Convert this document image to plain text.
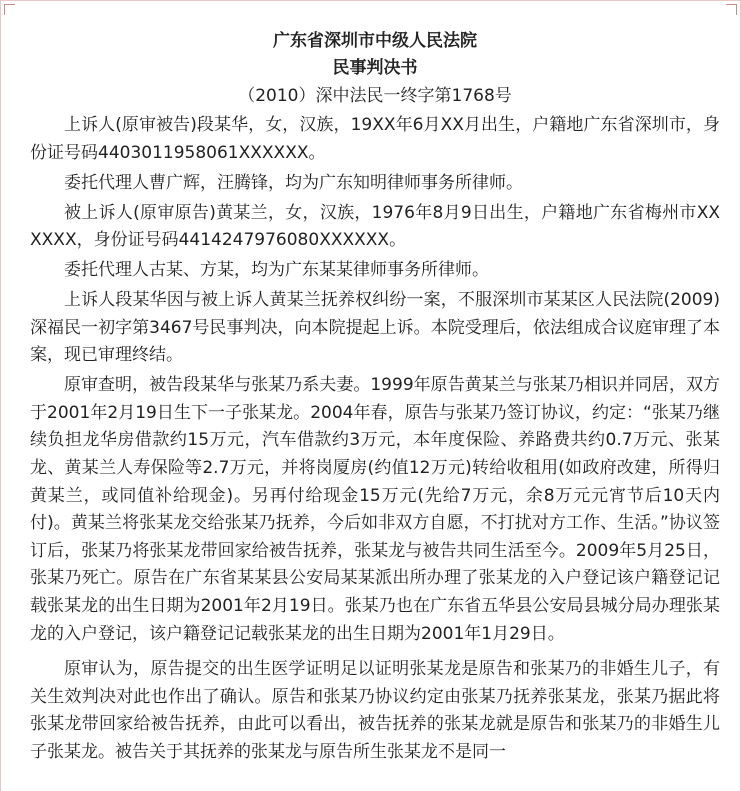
广东省深圳市中级人民法院

民事判决书

（2010）深中法民一终字第1768号

上诉人(原审被告)段某华，女，汉族，19XX年6月XX月出生，户籍地广东省深圳市，身份证号码4403011958061XXXXXX。

委托代理人曹广辉，汪腾锋，均为广东知明律师事务所律师。

被上诉人(原审原告)黄某兰，女，汉族，1976年8月9日出生，户籍地广东省梅州市XXXXXX，身份证号码4414247976080XXXXXX。

委托代理人古某、方某，均为广东某某律师事务所律师。

上诉人段某华因与被上诉人黄某兰抚养权纠纷一案，不服深圳市某某区人民法院(2009)深福民一初字第3467号民事判决，向本院提起上诉。本院受理后，依法组成合议庭审理了本案，现已审理终结。

原审查明，被告段某华与张某乃系夫妻。1999年原告黄某兰与张某乃相识并同居，双方于2001年2月19日生下一子张某龙。2004年春，原告与张某乃签订协议，约定：“张某乃继续负担龙华房借款约15万元，汽车借款约3万元，本年度保险、养路费共约0.7万元、张某龙、黄某兰人寿保险等2.7万元，并将岗厦房(约值12万元)转给收租用(如政府改建，所得归黄某兰，或同值补给现金)。另再付给现金15万元(先给7万元，余8万元元宵节后10天内付)。黄某兰将张某龙交给张某乃抚养，今后如非双方自愿，不打扰对方工作、生活。”协议签订后，张某乃将张某龙带回家给被告抚养，张某龙与被告共同生活至今。2009年5月25日，张某乃死亡。原告在广东省某某县公安局某某派出所办理了张某龙的入户登记该户籍登记记载张某龙的出生日期为2001年2月19日。张某乃也在广东省五华县公安局县城分局办理张某龙的入户登记，该户籍登记记载张某龙的出生日期为2001年1月29日。

原审认为，原告提交的出生医学证明足以证明张某龙是原告和张某乃的非婚生儿子，有关生效判决对此也作出了确认。原告和张某乃协议约定由张某乃抚养张某龙，张某乃据此将张某龙带回家给被告抚养，由此可以看出，被告抚养的张某龙就是原告和张某乃的非婚生儿子张某龙。被告关于其抚养的张某龙与原告所生张某龙不是同一
